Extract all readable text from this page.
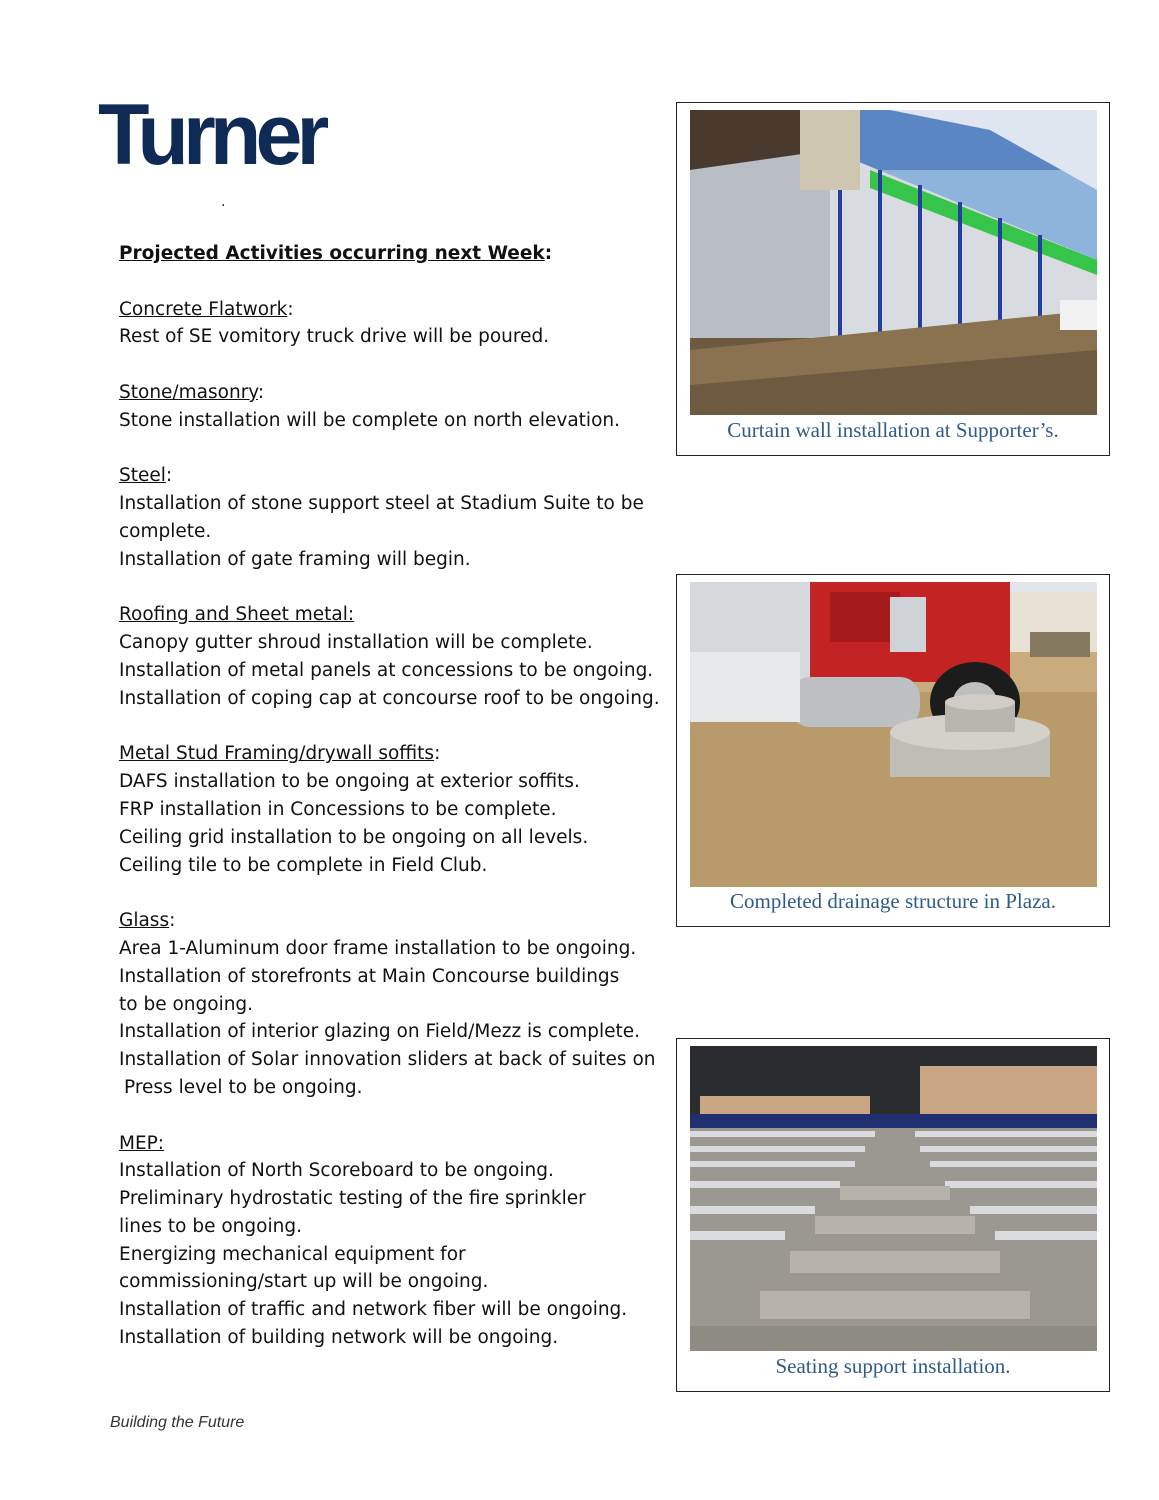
Turner
.
Projected Activities occurring next Week:
Concrete Flatwork:
Rest of SE vomitory truck drive will be poured.
Stone/masonry:
Stone installation will be complete on north elevation.
Steel:
Installation of stone support steel at Stadium Suite to be
complete.
Installation of gate framing will begin.
Roofing and Sheet metal:
Canopy gutter shroud installation will be complete.
Installation of metal panels at concessions to be ongoing.
Installation of coping cap at concourse roof to be ongoing.
Metal Stud Framing/drywall soffits:
DAFS installation to be ongoing at exterior soffits.
FRP installation in Concessions to be complete.
Ceiling grid installation to be ongoing on all levels.
Ceiling tile to be complete in Field Club.
Glass:
Area 1-Aluminum door frame installation to be ongoing.
Installation of storefronts at Main Concourse buildings
to be ongoing.
Installation of interior glazing on Field/Mezz is complete.
Installation of Solar innovation sliders at back of suites on
Press level to be ongoing.
MEP:
Installation of North Scoreboard to be ongoing.
Preliminary hydrostatic testing of the fire sprinkler
lines to be ongoing.
Energizing mechanical equipment for
commissioning/start up will be ongoing.
Installation of traffic and network fiber will be ongoing.
Installation of building network will be ongoing.
Curtain wall installation at Supporter’s.
Completed drainage structure in Plaza.
Seating support installation.
Building the Future
